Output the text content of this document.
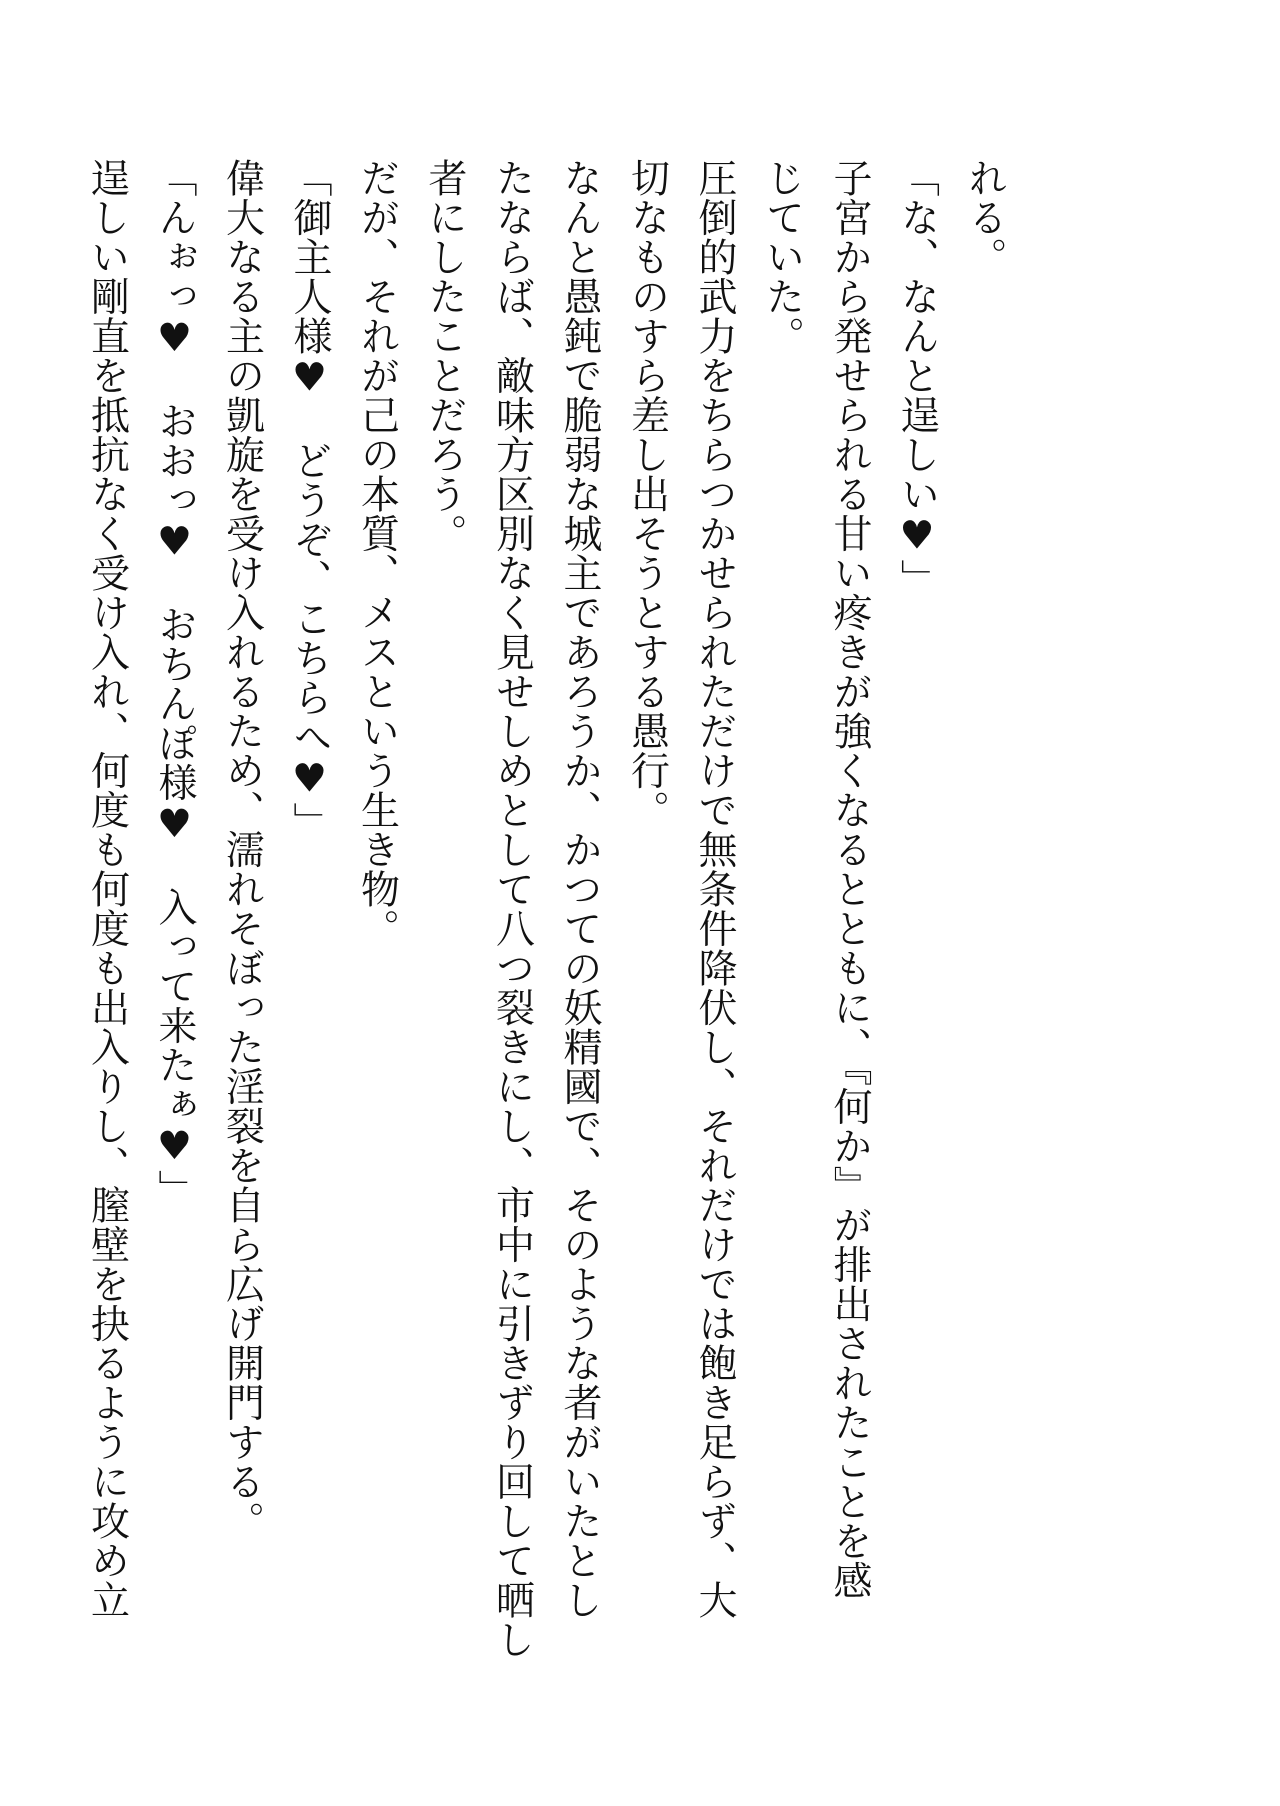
れる。
「な、なんと逞しい♥」
子宮から発せられる甘い疼きが強くなるとともに、『何か』が排出されたことを感
じていた。
圧倒的武力をちらつかせられただけで無条件降伏し、それだけでは飽き足らず、大
切なものすら差し出そうとする愚行。
なんと愚鈍で脆弱な城主であろうか、かつての妖精國で、そのような者がいたとし
たならば、敵味方区別なく見せしめとして八つ裂きにし、市中に引きずり回して晒し
者にしたことだろう。
だが、それが己の本質、メスという生き物。
「御主人様♥　どうぞ、こちらへ♥」
偉大なる主の凱旋を受け入れるため、濡れそぼった淫裂を自ら広げ開門する。
「んぉっ♥　おおっ♥　おちんぽ様♥　入って来たぁ♥」
逞しい剛直を抵抗なく受け入れ、何度も何度も出入りし、膣壁を抉るように攻め立
